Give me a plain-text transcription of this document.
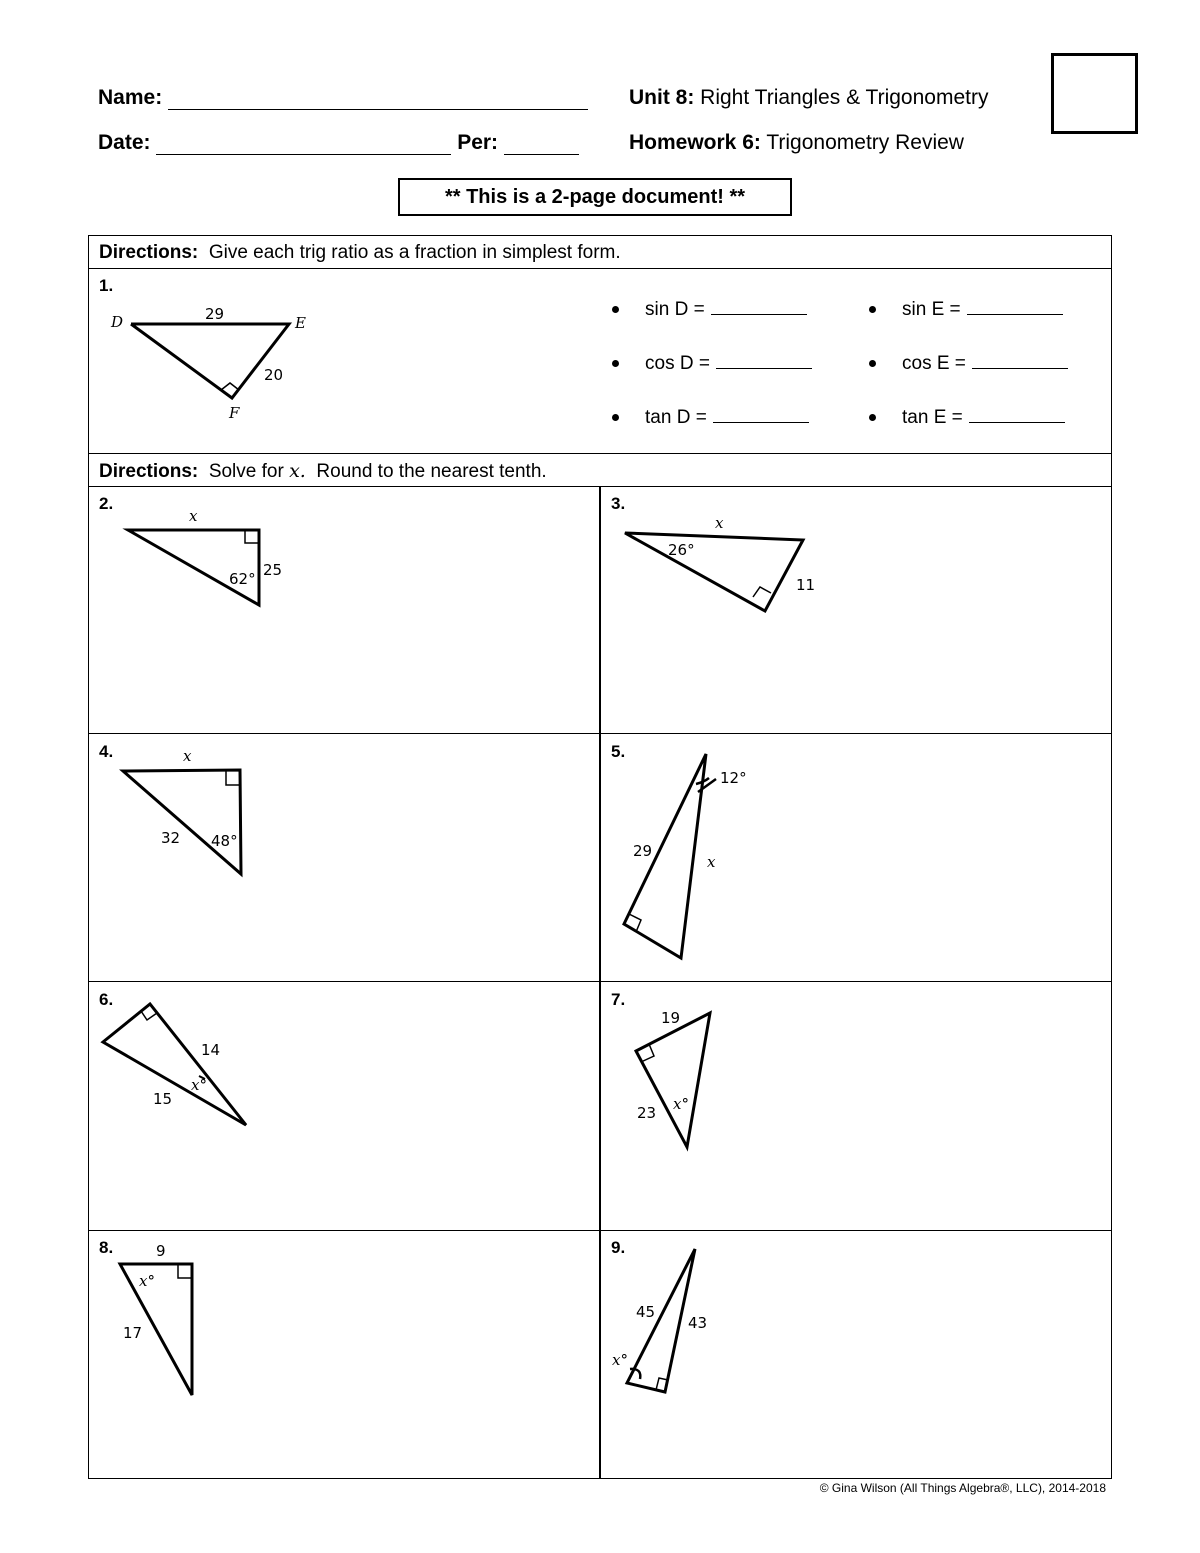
Name:
Date:	Per:
Unit 8: Right Triangles & Trigonometry
Homework 6: Trigonometry Review
** This is a 2-page document! **
Directions: Give each trig ratio as a fraction in simplest form.
Directions: Solve for x. Round to the nearest tenth.
1.
D	E
F
29
20
sin D =	sin E =
cos D =	cos E =
tan D =	tan E =
2.
x
62° 25
3.
x
26°
11
4.	x
32 48°
5.
12°
29
x
6.
14
x°
15
7.
19
x°
23
8.	9
x°
17
9.
45
43
x°
© Gina Wilson (All Things Algebra®, LLC), 2014-2018
